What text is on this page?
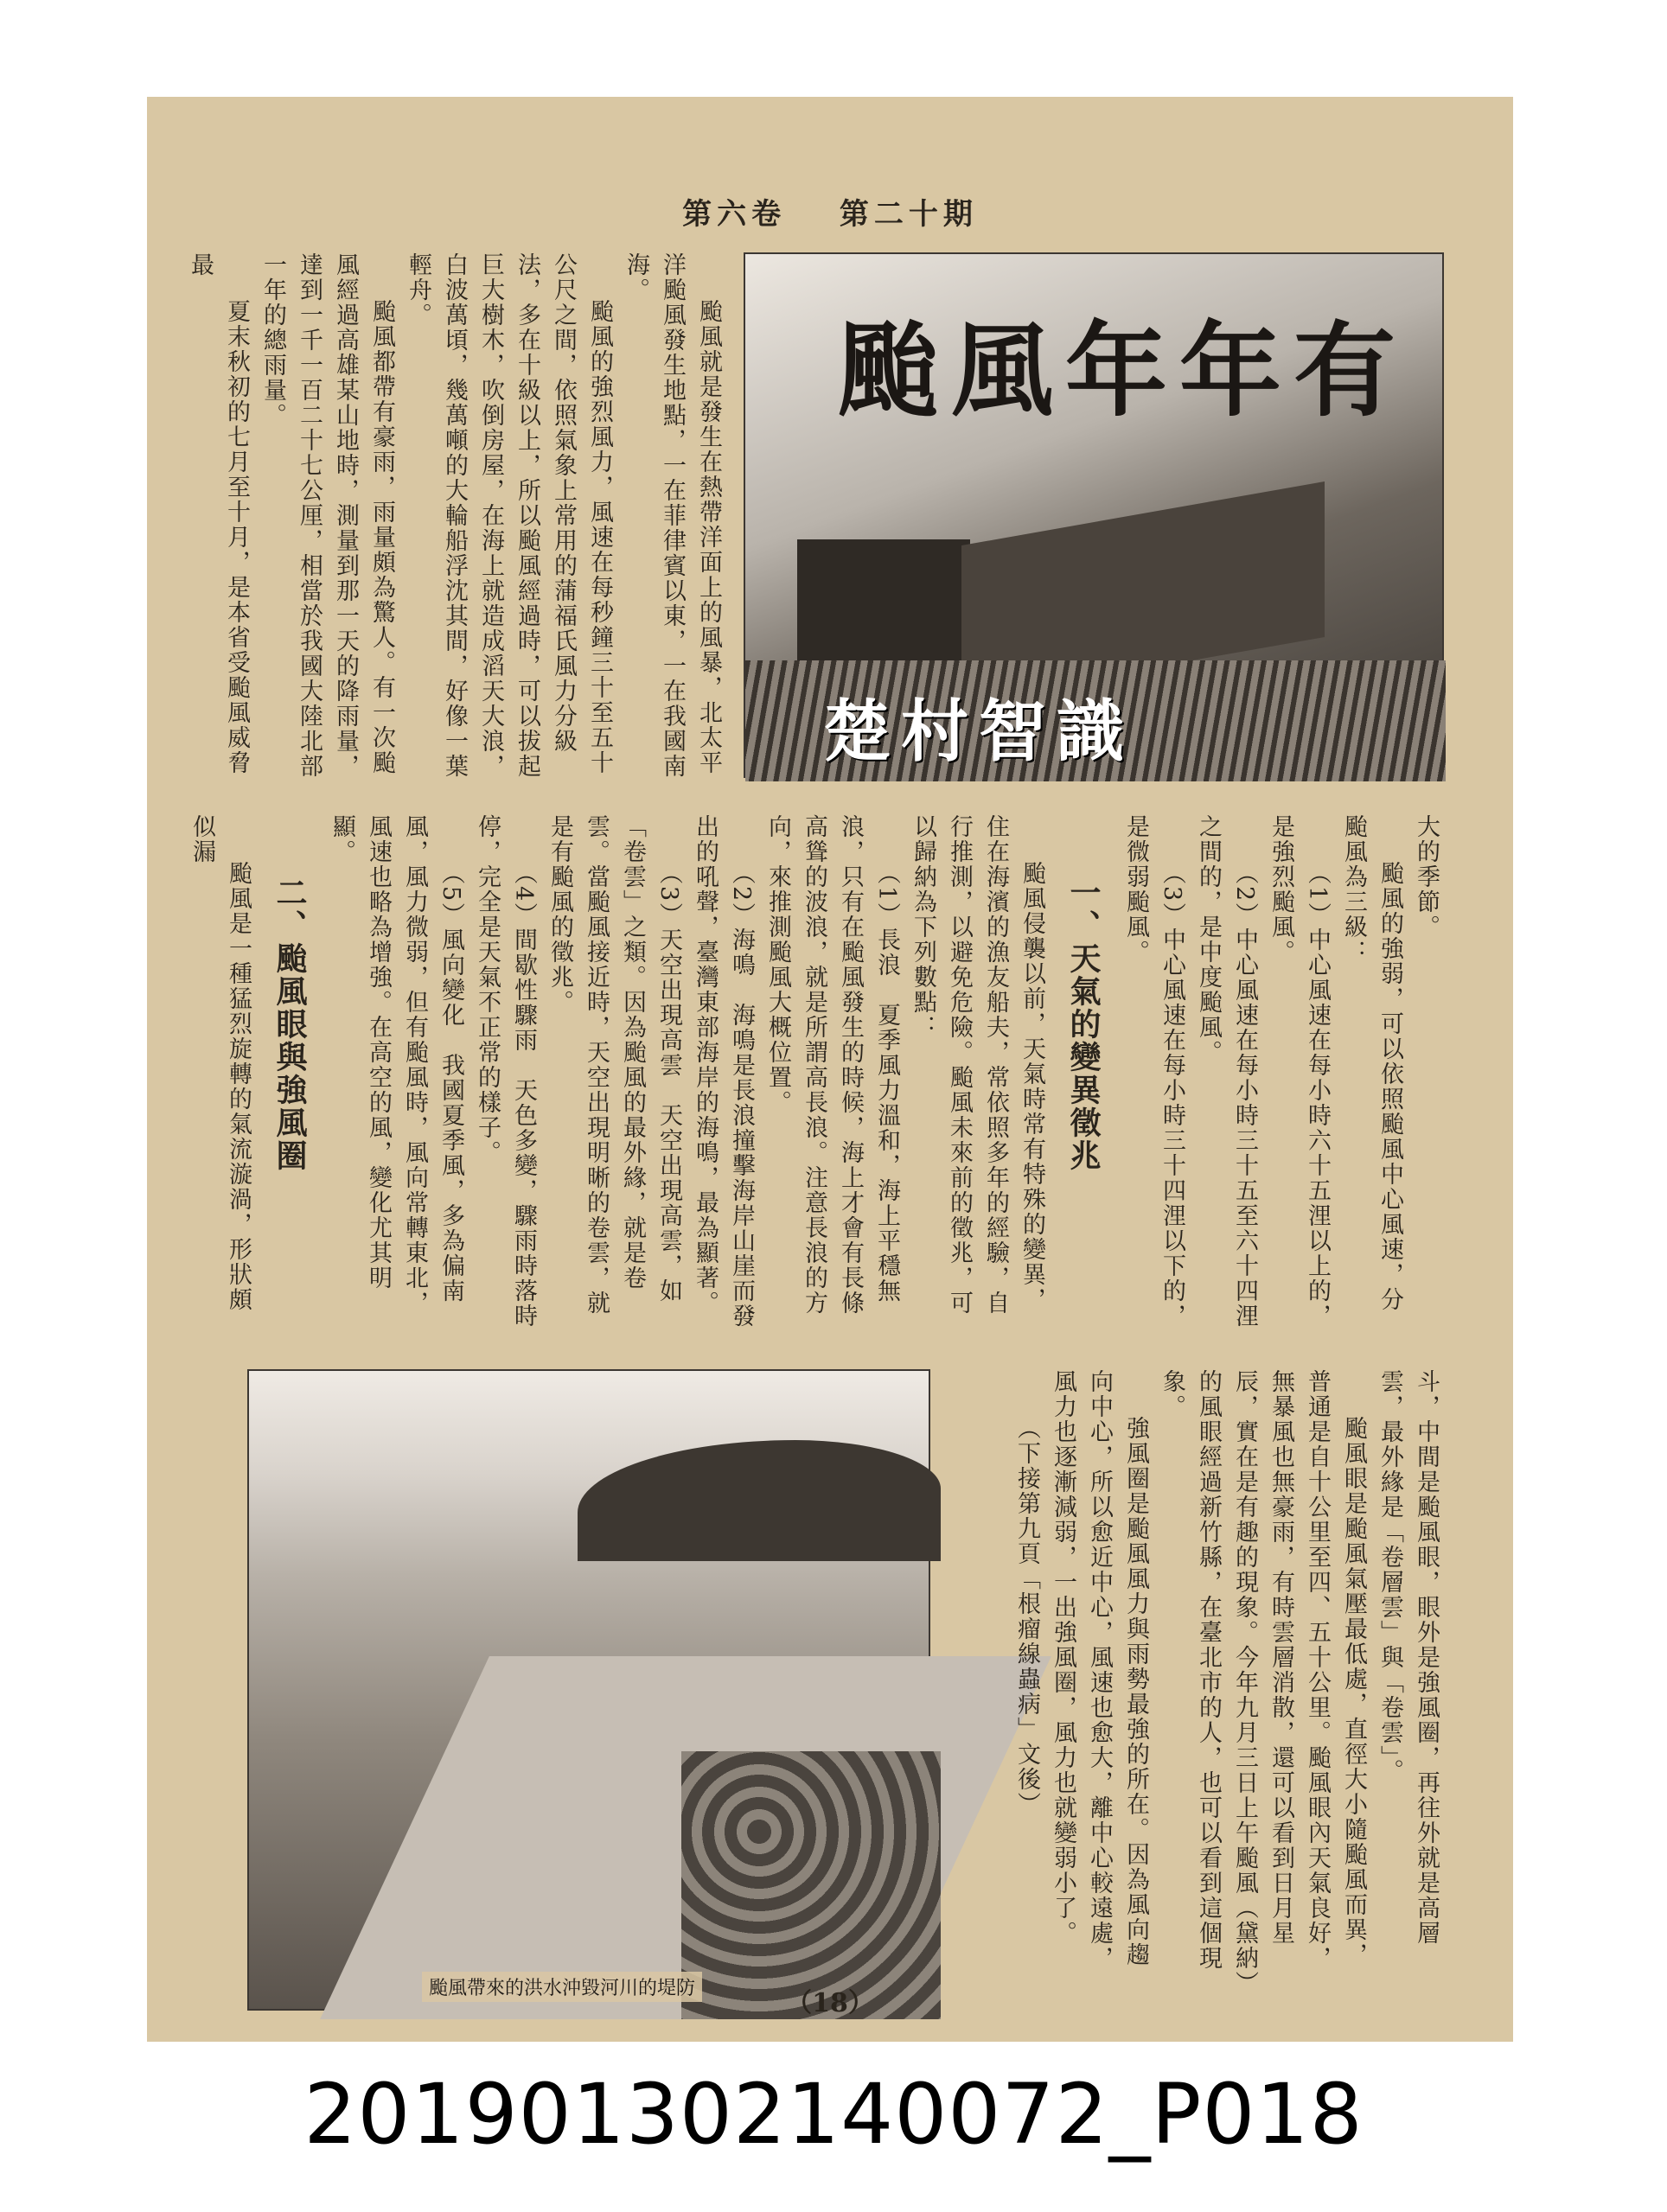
第六卷 第二十期
颱風年年有
楚村智識

颱風就是發生在熱帶洋面上的風暴，北太平洋颱風發生地點，一在菲律賓以東，一在我國南海。

颱風的強烈風力，風速在每秒鐘三十至五十公尺之間，依照氣象上常用的蒲福氏風力分級法，多在十級以上，所以颱風經過時，可以拔起巨大樹木，吹倒房屋，在海上就造成滔天大浪，白波萬頃，幾萬噸的大輪船浮沈其間，好像一葉輕舟。

颱風都帶有豪雨，雨量頗為驚人。有一次颱風經過高雄某山地時，測量到那一天的降雨量，達到一千一百二十七公厘，相當於我國大陸北部一年的總雨量。

夏末秋初的七月至十月，是本省受颱風威脅最

大的季節。

颱風的強弱，可以依照颱風中心風速，分颱風為三級：

（1）中心風速在每小時六十五浬以上的，是強烈颱風。

（2）中心風速在每小時三十五至六十四浬之間的，是中度颱風。

（3）中心風速在每小時三十四浬以下的，是微弱颱風。

一、天氣的變異徵兆

颱風侵襲以前，天氣時常有特殊的變異，住在海濱的漁友船夫，常依照多年的經驗，自行推測，以避免危險。颱風未來前的徵兆，可以歸納為下列數點：

（1）長浪　夏季風力溫和，海上平穩無浪，只有在颱風發生的時候，海上才會有長條高聳的波浪，就是所謂高長浪。注意長浪的方向，來推測颱風大概位置。

（2）海鳴　海鳴是長浪撞擊海岸山崖而發出的吼聲，臺灣東部海岸的海鳴，最為顯著。

（3）天空出現高雲　天空出現高雲，如「卷雲」之類。因為颱風的最外緣，就是卷雲。當颱風接近時，天空出現明晰的卷雲，就是有颱風的徵兆。

（4）間歇性驟雨　天色多變，驟雨時落時停，完全是天氣不正常的樣子。

（5）風向變化　我國夏季風，多為偏南風，風力微弱，但有颱風時，風向常轉東北，風速也略為增強。在高空的風，變化尤其明顯。

二、颱風眼與強風圈

颱風是一種猛烈旋轉的氣流漩渦，形狀頗似漏

颱風帶來的洪水沖毀河川的堤防

斗，中間是颱風眼，眼外是強風圈，再往外就是高層雲，最外緣是「卷層雲」與「卷雲」。

颱風眼是颱風氣壓最低處，直徑大小隨颱風而異，普通是自十公里至四、五十公里。颱風眼內天氣良好，無暴風也無豪雨，有時雲層消散，還可以看到日月星辰，實在是有趣的現象。今年九月三日上午颱風（黛納）的風眼經過新竹縣，在臺北市的人，也可以看到這個現象。

強風圈是颱風風力與雨勢最強的所在。因為風向趨向中心，所以愈近中心，風速也愈大，離中心較遠處，風力也逐漸減弱，一出強風圈，風力也就變弱小了。

（下接第九頁「根瘤線蟲病」文後）

（18）
201901302140072_P018
